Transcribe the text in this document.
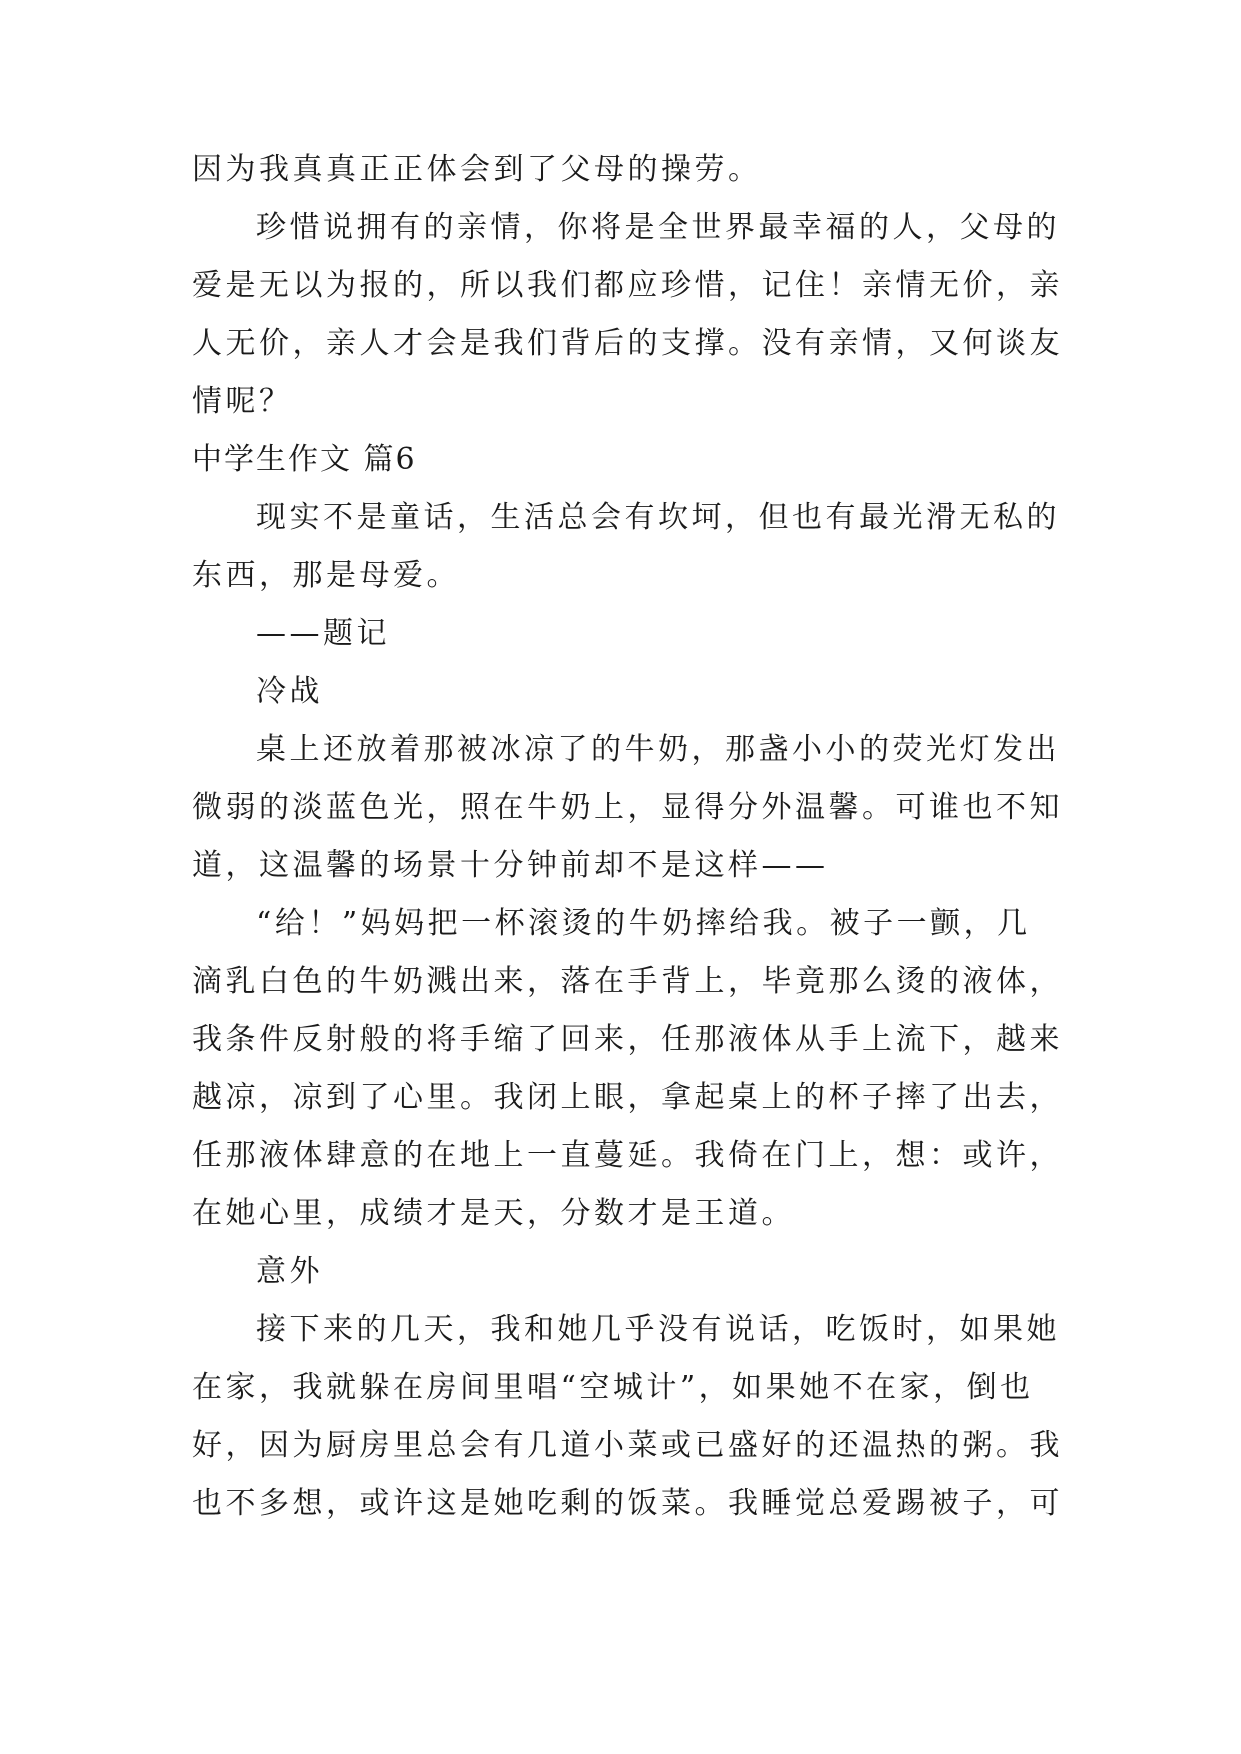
因为我真真正正体会到了父母的操劳。
珍惜说拥有的亲情，你将是全世界最幸福的人，父母的
爱是无以为报的，所以我们都应珍惜，记住！亲情无价，亲
人无价，亲人才会是我们背后的支撑。没有亲情，又何谈友
情呢？
中学生作文 篇6
现实不是童话，生活总会有坎坷，但也有最光滑无私的
东西，那是母爱。
——题记
冷战
桌上还放着那被冰凉了的牛奶，那盏小小的荧光灯发出
微弱的淡蓝色光，照在牛奶上，显得分外温馨。可谁也不知
道，这温馨的场景十分钟前却不是这样——
“给！”妈妈把一杯滚烫的牛奶摔给我。被子一颤，几
滴乳白色的牛奶溅出来，落在手背上，毕竟那么烫的液体，
我条件反射般的将手缩了回来，任那液体从手上流下，越来
越凉，凉到了心里。我闭上眼，拿起桌上的杯子摔了出去，
任那液体肆意的在地上一直蔓延。我倚在门上，想：或许，
在她心里，成绩才是天，分数才是王道。
意外
接下来的几天，我和她几乎没有说话，吃饭时，如果她
在家，我就躲在房间里唱“空城计”，如果她不在家，倒也
好，因为厨房里总会有几道小菜或已盛好的还温热的粥。我
也不多想，或许这是她吃剩的饭菜。我睡觉总爱踢被子，可
